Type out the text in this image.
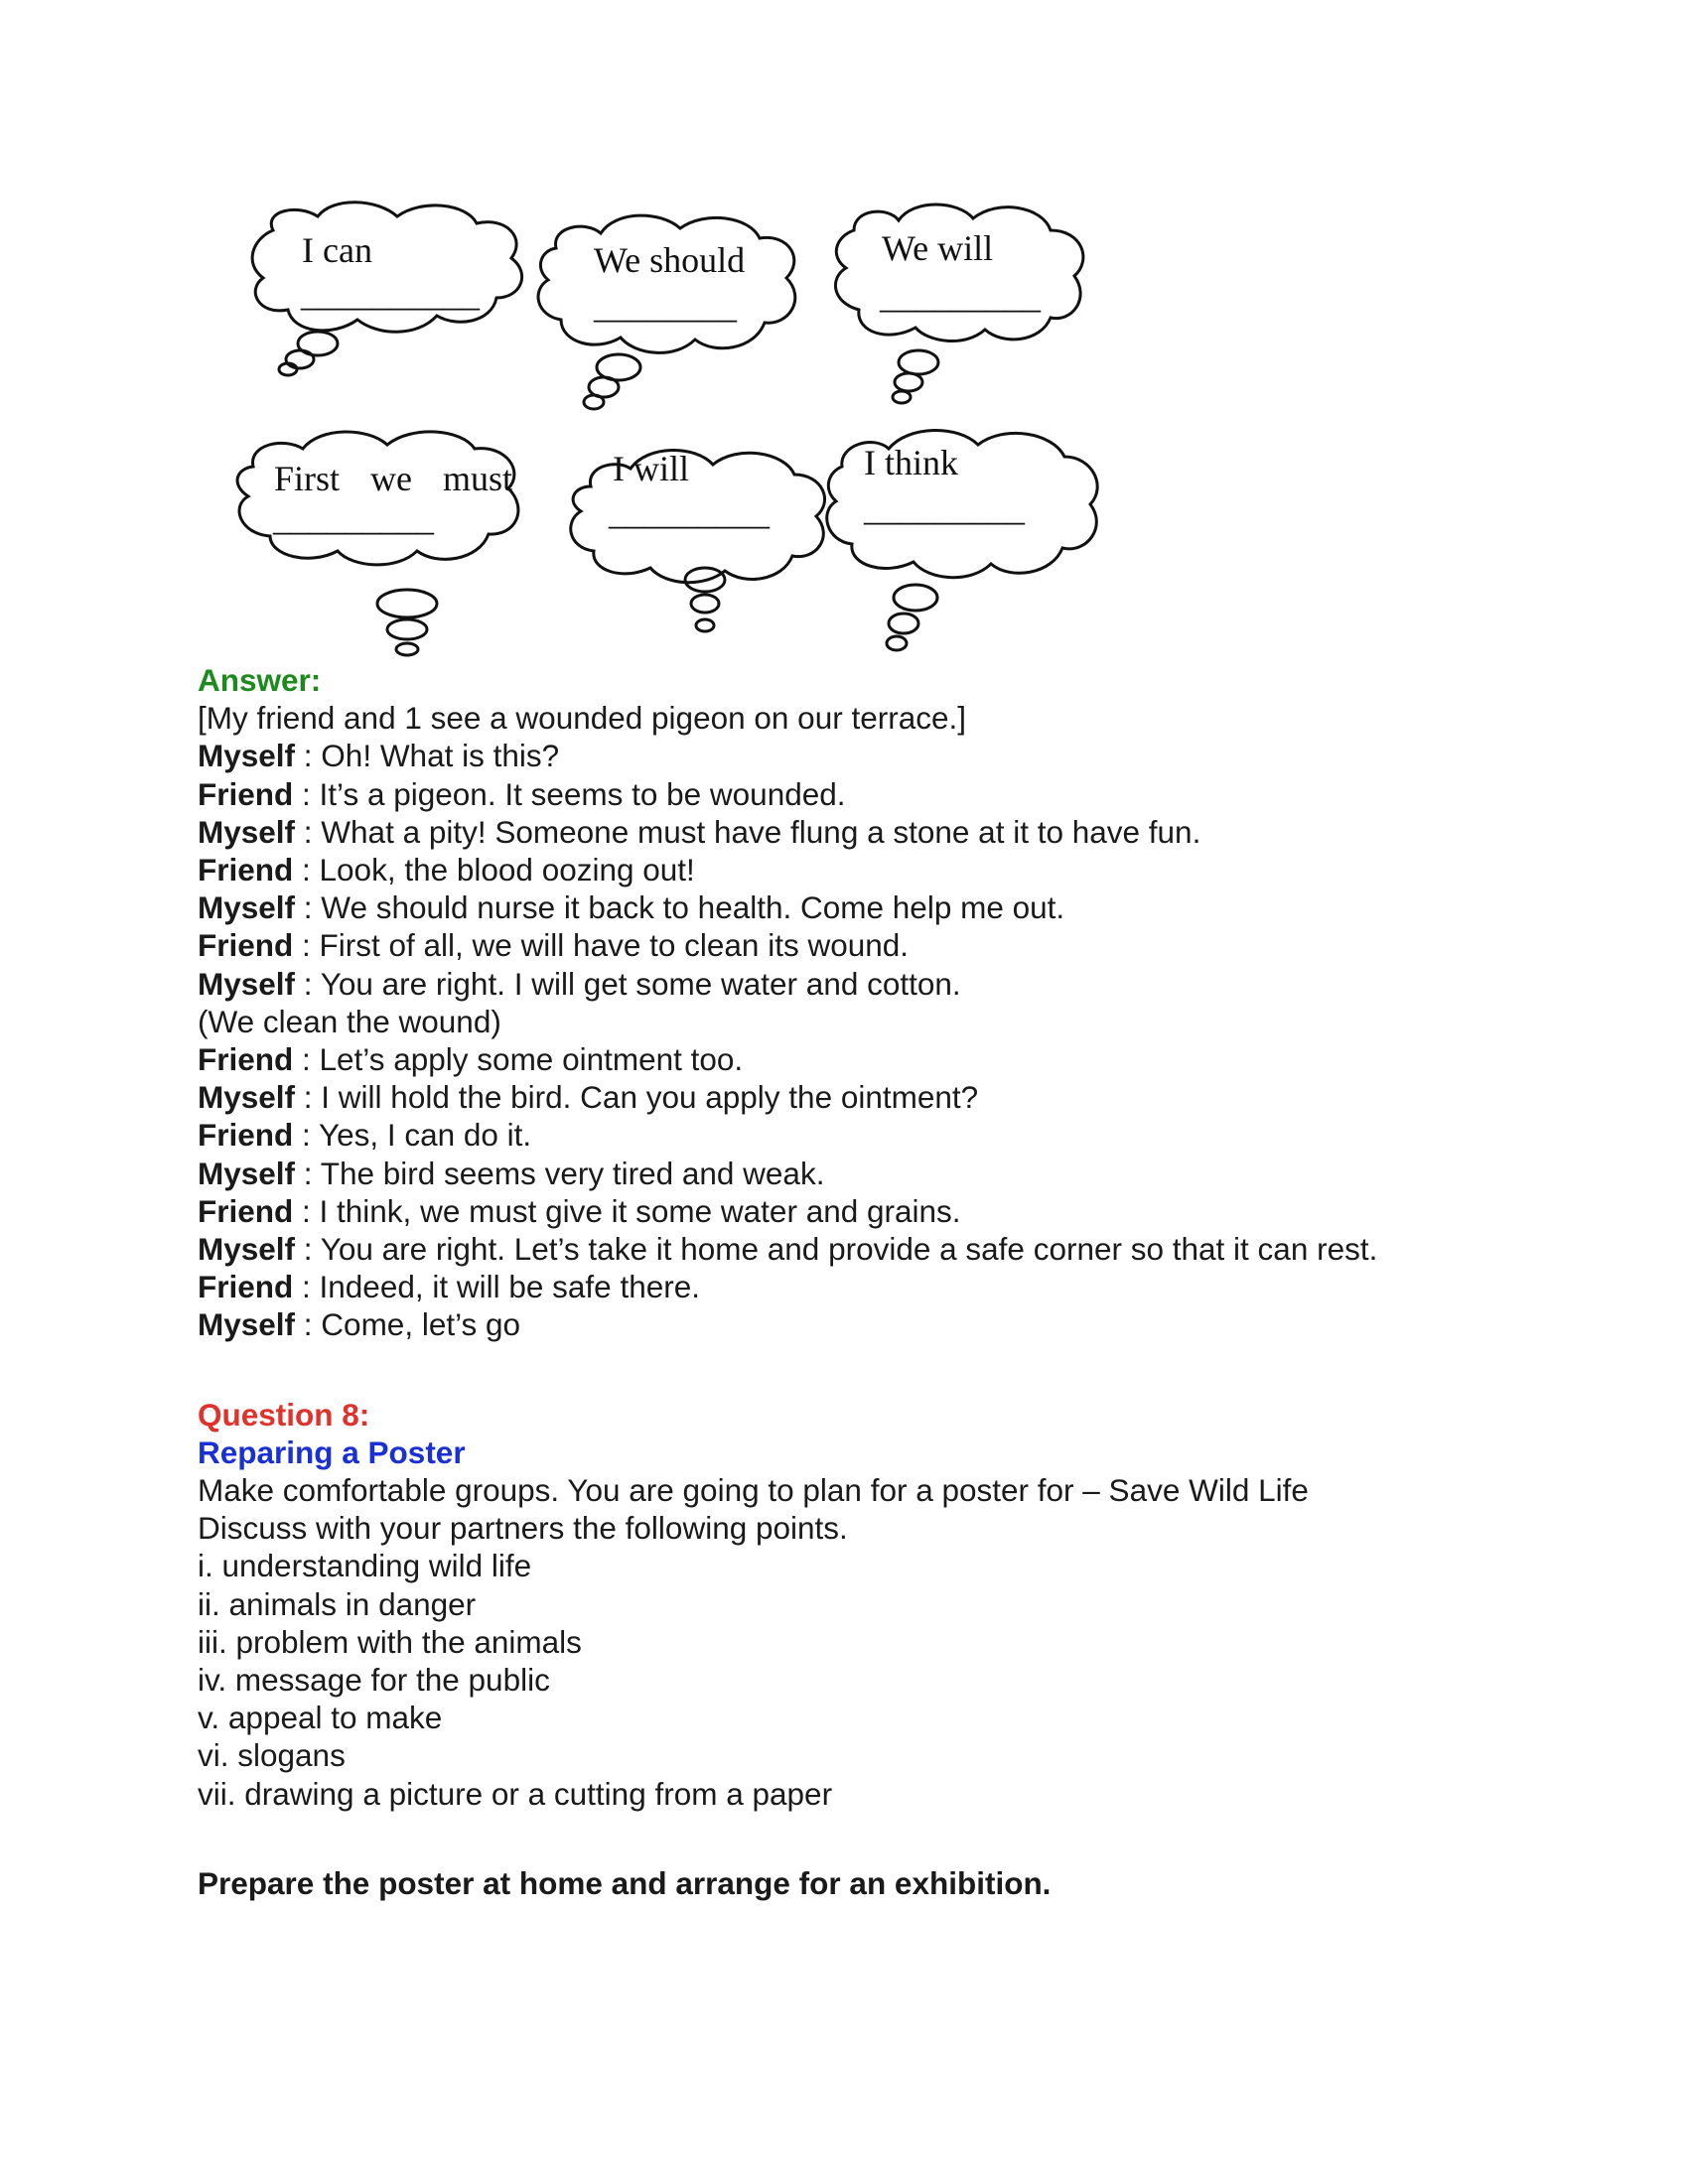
I can
__________
We should
________
We will
_________
First we must
_________
I will
_________
I think
_________
Answer:
[My friend and 1 see a wounded pigeon on our terrace.]
Myself : Oh! What is this?
Friend : It’s a pigeon. It seems to be wounded.
Myself : What a pity! Someone must have flung a stone at it to have fun.
Friend : Look, the blood oozing out!
Myself : We should nurse it back to health. Come help me out.
Friend : First of all, we will have to clean its wound.
Myself : You are right. I will get some water and cotton.
(We clean the wound)
Friend : Let’s apply some ointment too.
Myself : I will hold the bird. Can you apply the ointment?
Friend : Yes, I can do it.
Myself : The bird seems very tired and weak.
Friend : I think, we must give it some water and grains.
Myself : You are right. Let’s take it home and provide a safe corner so that it can rest.
Friend : Indeed, it will be safe there.
Myself : Come, let’s go
Question 8:
Reparing a Poster
Make comfortable groups. You are going to plan for a poster for – Save Wild Life
Discuss with your partners the following points.
i. understanding wild life
ii. animals in danger
iii. problem with the animals
iv. message for the public
v. appeal to make
vi. slogans
vii. drawing a picture or a cutting from a paper
Prepare the poster at home and arrange for an exhibition.
